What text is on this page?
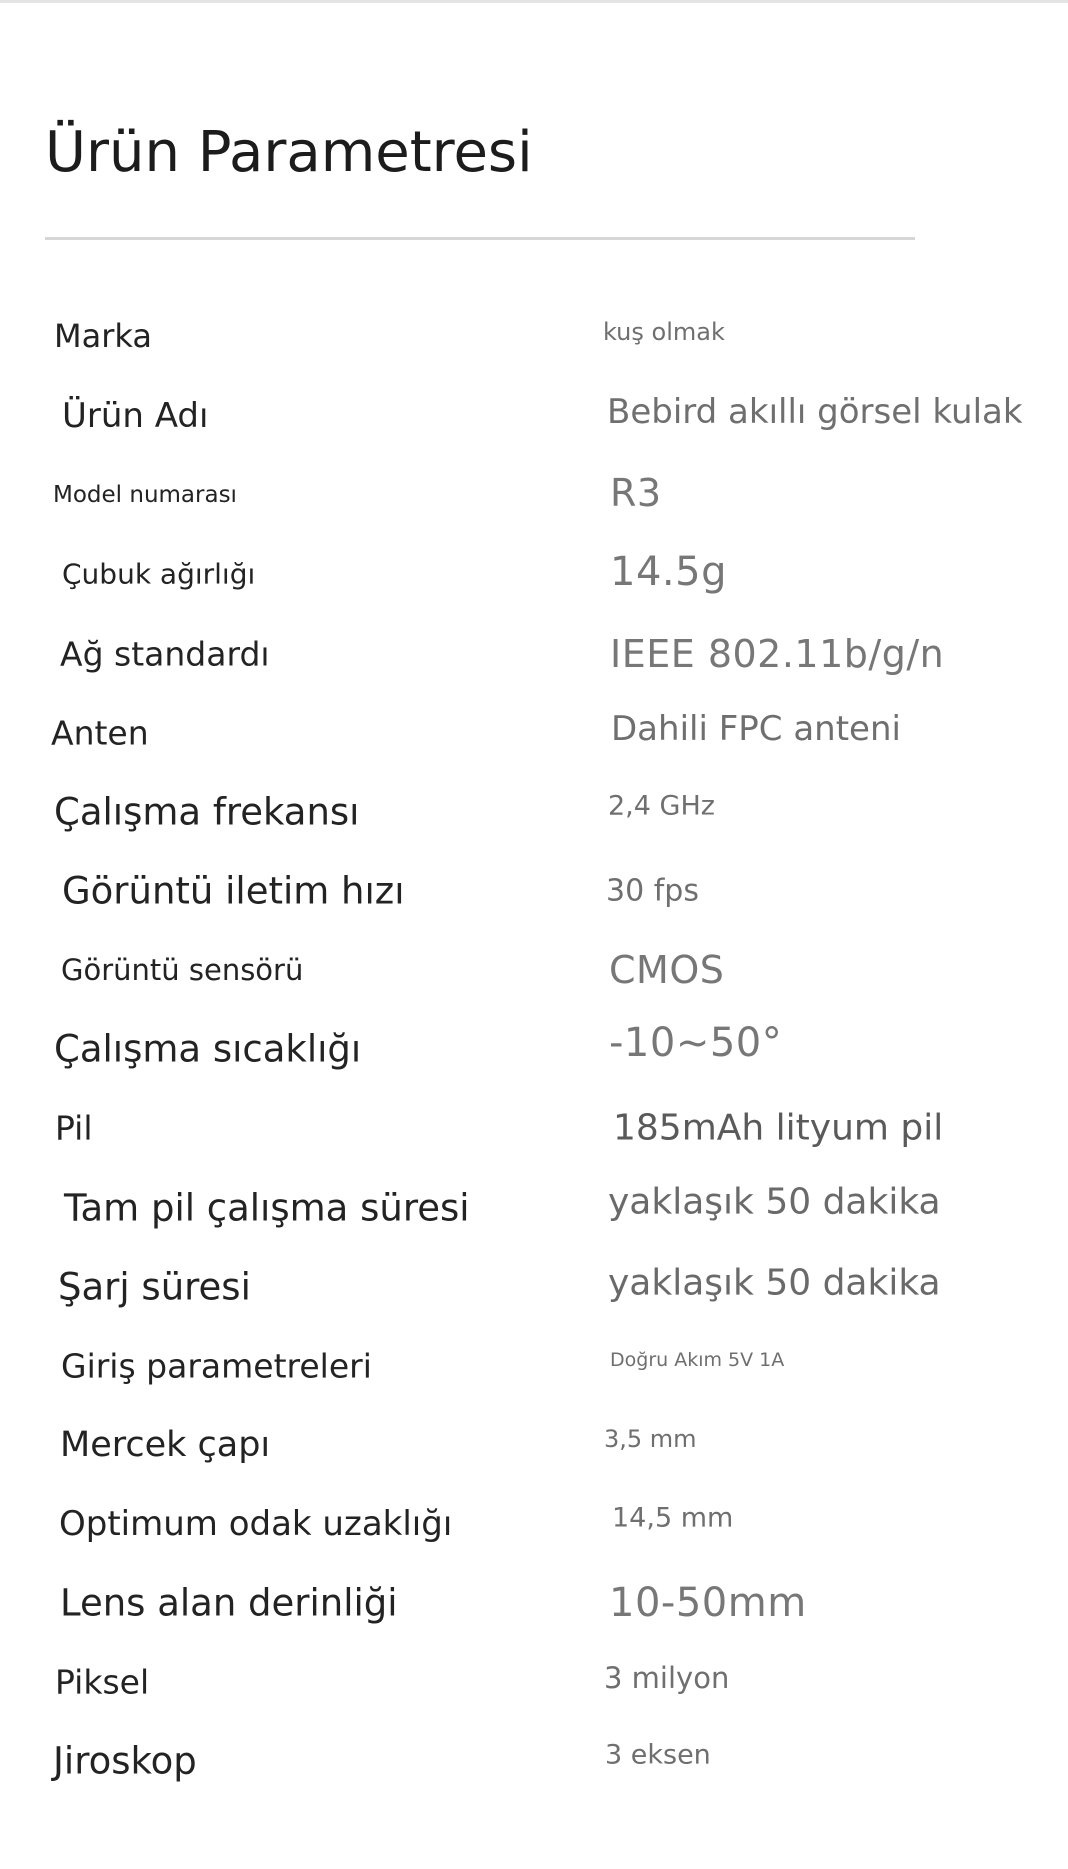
Ürün Parametresi
Marka	kuş olmak
Ürün Adı	Bebird akıllı görsel kulak
Model numarası	R3
Çubuk ağırlığı	14.5g
Ağ standardı	IEEE 802.11b/g/n
Anten	Dahili FPC anteni
Çalışma frekansı	2,4 GHz
Görüntü iletim hızı	30 fps
Görüntü sensörü	CMOS
Çalışma sıcaklığı	-10~50°
Pil	185mAh lityum pil
Tam pil çalışma süresi	yaklaşık 50 dakika
Şarj süresi	yaklaşık 50 dakika
Giriş parametreleri	Doğru Akım 5V 1A
Mercek çapı	3,5 mm
Optimum odak uzaklığı	14,5 mm
Lens alan derinliği	10-50mm
Piksel	3 milyon
Jiroskop	3 eksen
